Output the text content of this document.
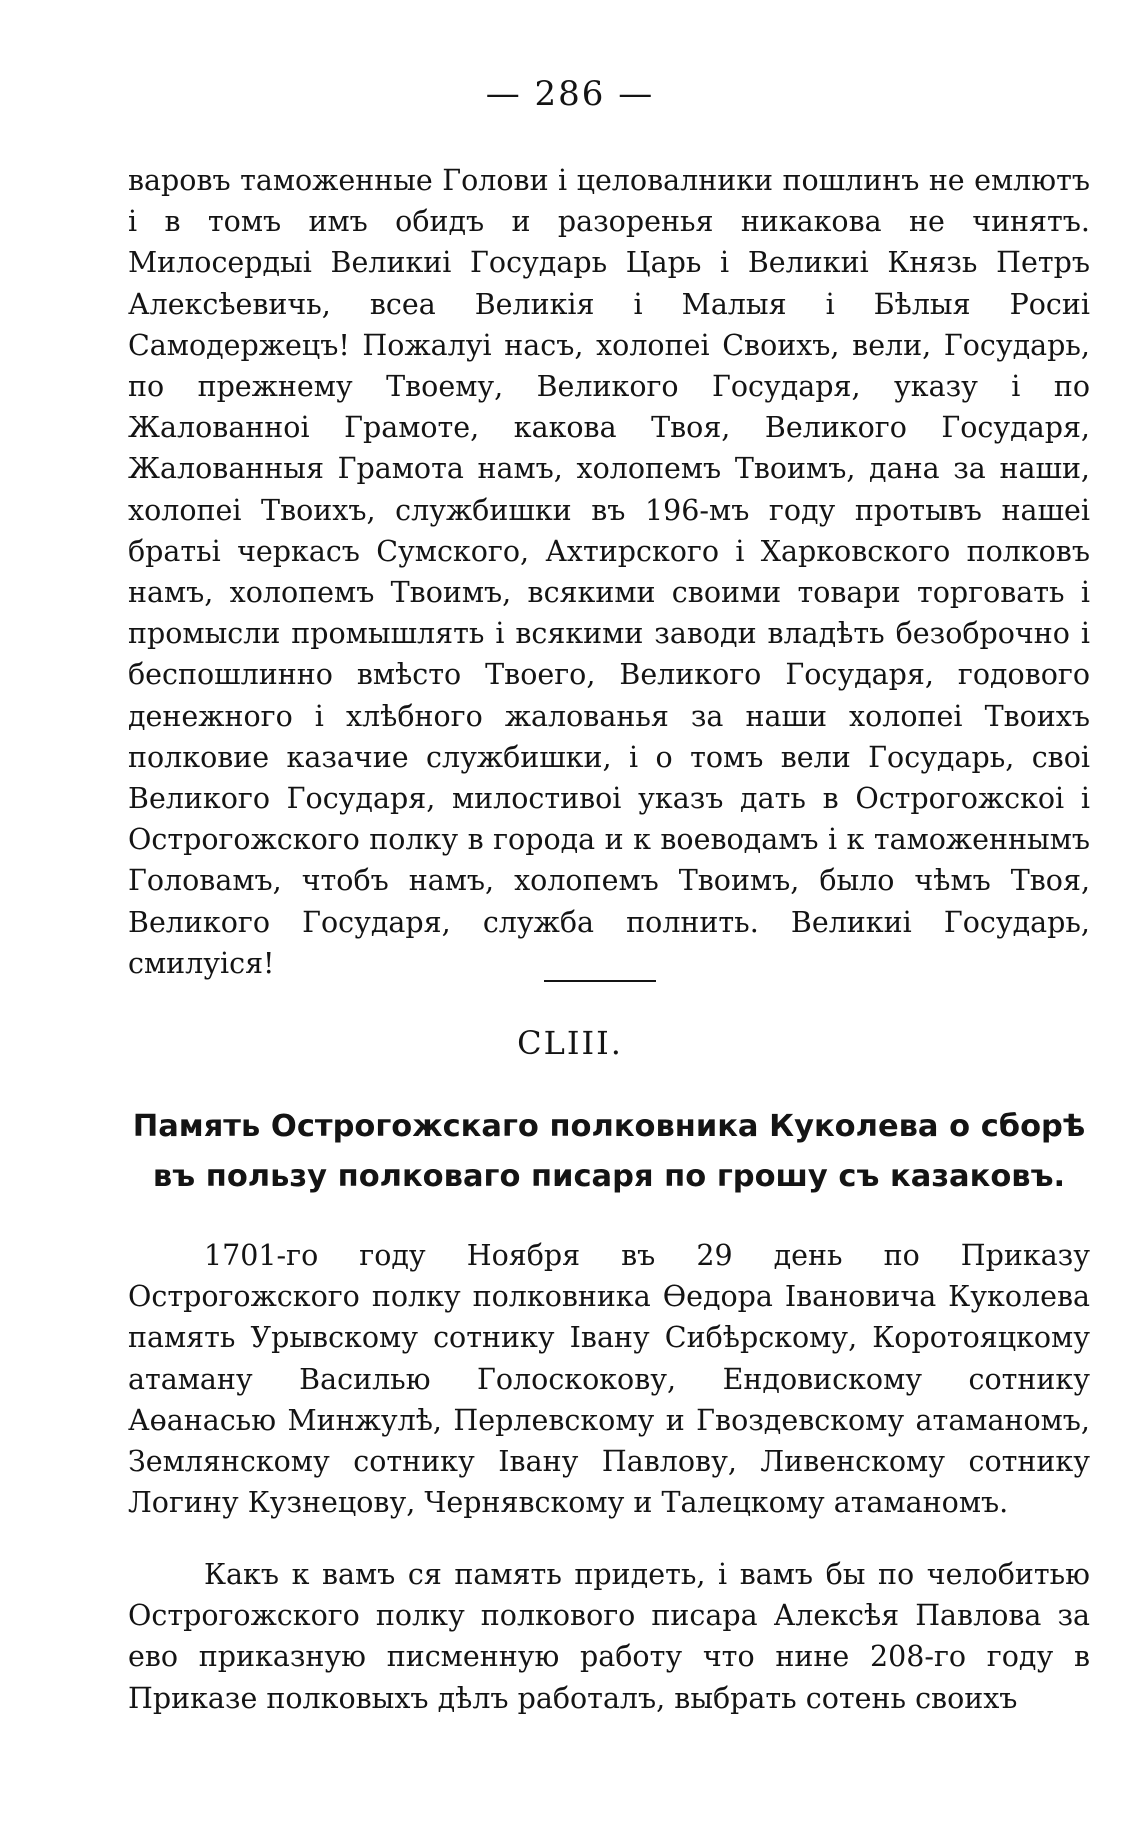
— 286 —

варовъ таможенные Голови і целовалники пошлинъ не емлютъ і в томъ имъ обидъ и разоренья никакова не чинятъ. Милосердыі Великиі Государь Царь і Великиі Князь Петръ Алексѣевичь, всеа Великія і Малыя і Бѣлыя Росиі Самодержецъ! Пожалуі насъ, холопеі Своихъ, вели, Государь, по прежнему Твоему, Великого Государя, указу і по Жалованноі Грамоте, какова Твоя, Великого Государя, Жалованныя Грамота намъ, холопемъ Твоимъ, дана за наши, холопеі Твоихъ, службишки въ 196-мъ году протывъ нашеі братьі черкасъ Сумского, Ахтирского і Харковского полковъ намъ, холопемъ Твоимъ, всякими своими товари торговать і промысли промышлять і всякими заводи владѣть безоброчно і беспошлинно вмѣсто Твоего, Великого Государя, годового денежного і хлѣбного жалованья за наши холопеі Твоихъ полковие казачие службишки, і о томъ вели Государь, своі Великого Государя, милостивоі указъ дать в Острогожскоі і Острогожского полку в города и к воеводамъ і к таможеннымъ Головамъ, чтобъ намъ, холопемъ Твоимъ, было чѣмъ Твоя, Великого Государя, служба полнить. Великиі Государь, смилуіся!

CLIII.
Память Острогожскаго полковника Куколева о сборѣ въ пользу полковаго писаря по грошу съ казаковъ.

1701-го году Ноября въ 29 день по Приказу Острогожского полку полковника Өедора Івановича Куколева память Урывскому сотнику Івану Сибѣрскому, Коротояцкому атаману Василью Голоскокову, Ендовискому сотнику Аөанасью Минжулѣ, Перлевскому и Гвоздевскому атаманомъ, Землянскому сотнику Івану Павлову, Ливенскому сотнику Логину Кузнецову, Чернявскому и Талецкому атаманомъ.

Какъ к вамъ ся память придеть, і вамъ бы по челобитью Острогожского полку полкового писара Алексѣя Павлова за ево приказную писменную работу что нине 208-го году в Приказе полковыхъ дѣлъ работалъ, выбрать сотень своихъ
